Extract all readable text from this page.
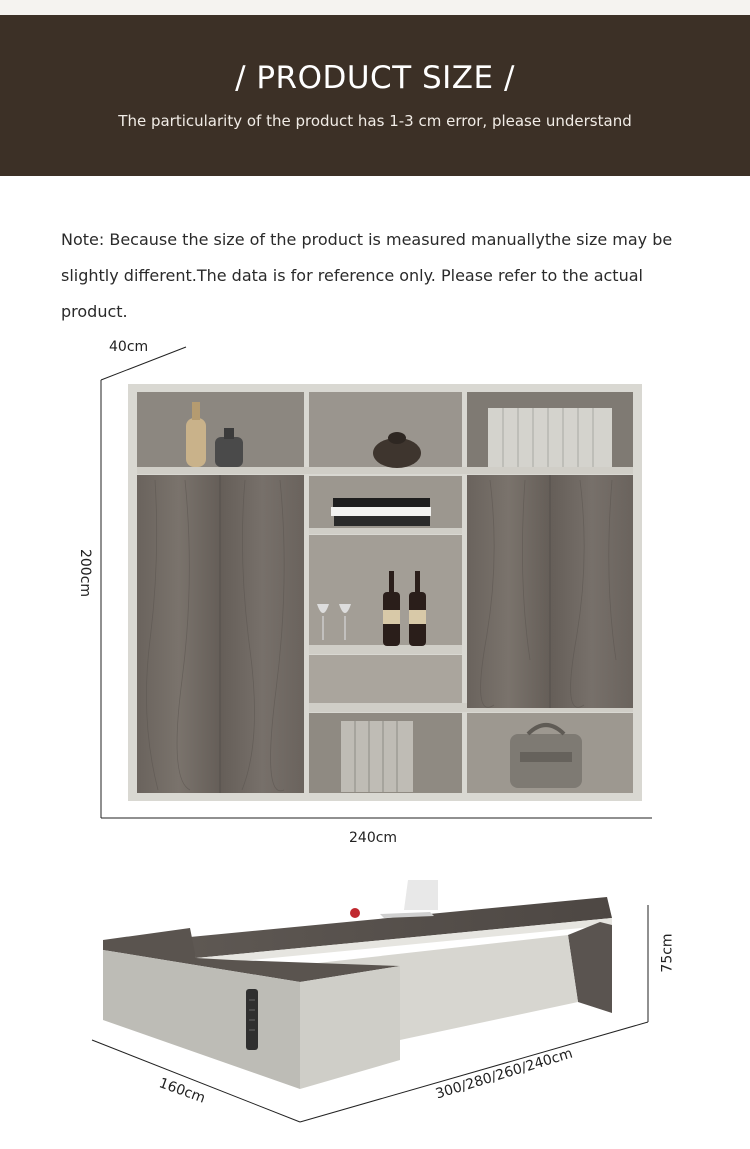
/ PRODUCT SIZE /

The particularity of the product has 1-3 cm error, please understand

Note: Because the size of the product is measured manuallythe size may be slightly different.The data is for reference only. Please refer to the actual product.
40cm
200cm
240cm
75cm
160cm	300/280/260/240cm
